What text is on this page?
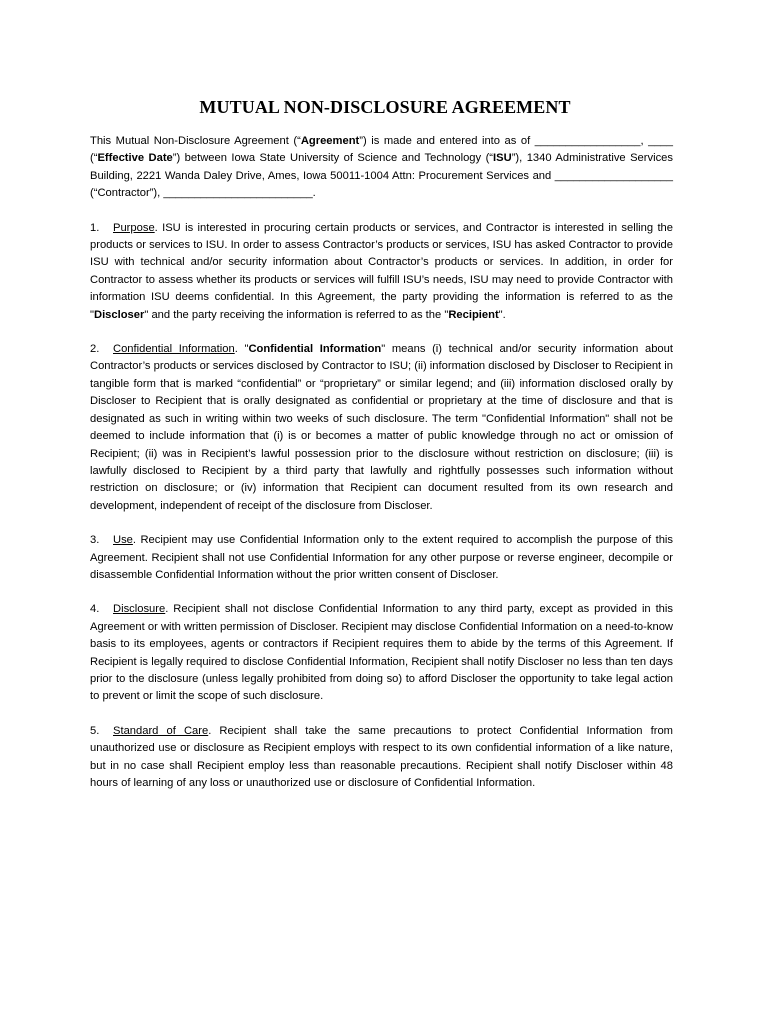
MUTUAL NON-DISCLOSURE AGREEMENT

This Mutual Non-Disclosure Agreement (“Agreement”) is made and entered into as of _________________, ____ (“Effective Date”) between Iowa State University of Science and Technology (“ISU”), 1340 Administrative Services Building, 2221 Wanda Daley Drive, Ames, Iowa 50011-1004 Attn: Procurement Services and ___________________ (“Contractor”), ________________________.

1. Purpose. ISU is interested in procuring certain products or services, and Contractor is interested in selling the products or services to ISU. In order to assess Contractor’s products or services, ISU has asked Contractor to provide ISU with technical and/or security information about Contractor’s products or services. In addition, in order for Contractor to assess whether its products or services will fulfill ISU’s needs, ISU may need to provide Contractor with information ISU deems confidential. In this Agreement, the party providing the information is referred to as the "Discloser" and the party receiving the information is referred to as the "Recipient".

2. Confidential Information. "Confidential Information" means (i) technical and/or security information about Contractor’s products or services disclosed by Contractor to ISU; (ii) information disclosed by Discloser to Recipient in tangible form that is marked “confidential” or “proprietary” or similar legend; and (iii) information disclosed orally by Discloser to Recipient that is orally designated as confidential or proprietary at the time of disclosure and that is designated as such in writing within two weeks of such disclosure. The term "Confidential Information" shall not be deemed to include information that (i) is or becomes a matter of public knowledge through no act or omission of Recipient; (ii) was in Recipient’s lawful possession prior to the disclosure without restriction on disclosure; (iii) is lawfully disclosed to Recipient by a third party that lawfully and rightfully possesses such information without restriction on disclosure; or (iv) information that Recipient can document resulted from its own research and development, independent of receipt of the disclosure from Discloser.

3. Use. Recipient may use Confidential Information only to the extent required to accomplish the purpose of this Agreement. Recipient shall not use Confidential Information for any other purpose or reverse engineer, decompile or disassemble Confidential Information without the prior written consent of Discloser.

4. Disclosure. Recipient shall not disclose Confidential Information to any third party, except as provided in this Agreement or with written permission of Discloser. Recipient may disclose Confidential Information on a need-to-know basis to its employees, agents or contractors if Recipient requires them to abide by the terms of this Agreement. If Recipient is legally required to disclose Confidential Information, Recipient shall notify Discloser no less than ten days prior to the disclosure (unless legally prohibited from doing so) to afford Discloser the opportunity to take legal action to prevent or limit the scope of such disclosure.

5. Standard of Care. Recipient shall take the same precautions to protect Confidential Information from unauthorized use or disclosure as Recipient employs with respect to its own confidential information of a like nature, but in no case shall Recipient employ less than reasonable precautions. Recipient shall notify Discloser within 48 hours of learning of any loss or unauthorized use or disclosure of Confidential Information.
